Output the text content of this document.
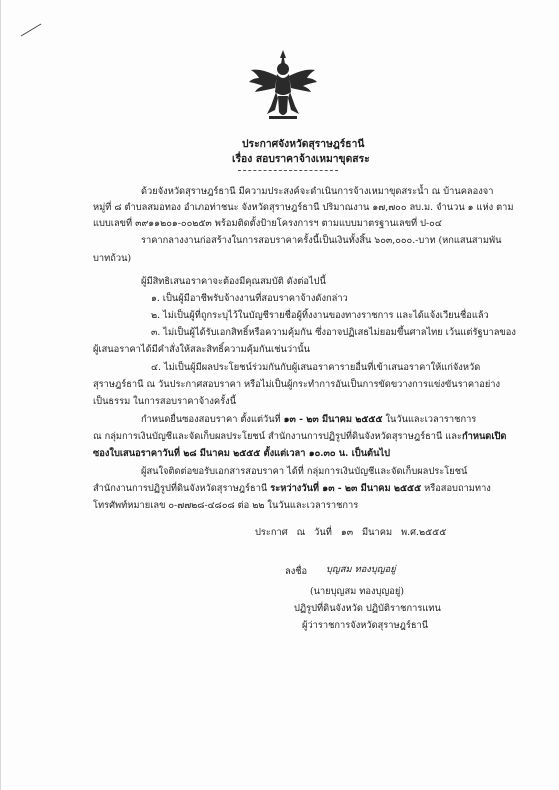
ประกาศจังหวัดสุราษฎร์ธานี
เรื่อง สอบราคาจ้างเหมาขุดสระ
ด้วยจังหวัดสุราษฎร์ธานี มีความประสงค์จะดำเนินการจ้างเหมาขุดสระน้ำ ณ บ้านคลองจา
หมู่ที่ ๘ ตำบลสมอทอง อำเภอท่าชนะ จังหวัดสุราษฎร์ธานี ปริมาณงาน ๑๗,๗๐๐ ลบ.ม. จำนวน ๑ แห่ง ตาม
แบบเลขที่ ๓๙๑๑๒๐๑-๐๐๒๕๓ พร้อมติดตั้งป้ายโครงการฯ ตามแบบมาตรฐานเลขที่ ป-๐๔
ราคากลางงานก่อสร้างในการสอบราคาครั้งนี้เป็นเงินทั้งสิ้น ๖๐๓,๐๐๐.-บาท (หกแสนสามพัน
บาทถ้วน)
ผู้มีสิทธิเสนอราคาจะต้องมีคุณสมบัติ ดังต่อไปนี้
๑. เป็นผู้มีอาชีพรับจ้างงานที่สอบราคาจ้างดังกล่าว
๒. ไม่เป็นผู้ที่ถูกระบุไว้ในบัญชีรายชื่อผู้ทิ้งงานของทางราชการ และได้แจ้งเวียนชื่อแล้ว
๓. ไม่เป็นผู้ได้รับเอกสิทธิ์หรือความคุ้มกัน ซึ่งอาจปฏิเสธไม่ยอมขึ้นศาลไทย เว้นแต่รัฐบาลของ
ผู้เสนอราคาได้มีคำสั่งให้สละสิทธิ์ความคุ้มกันเช่นว่านั้น
๔. ไม่เป็นผู้มีผลประโยชน์ร่วมกันกับผู้เสนอราคารายอื่นที่เข้าเสนอราคาให้แก่จังหวัด
สุราษฎร์ธานี ณ วันประกาศสอบราคา หรือไม่เป็นผู้กระทำการอันเป็นการขัดขวางการแข่งขันราคาอย่าง
เป็นธรรม ในการสอบราคาจ้างครั้งนี้
กำหนดยื่นซองสอบราคา ตั้งแต่วันที่ ๑๓ - ๒๓ มีนาคม ๒๕๕๕ ในวันและเวลาราชการ
ณ กลุ่มการเงินบัญชีและจัดเก็บผลประโยชน์ สำนักงานการปฏิรูปที่ดินจังหวัดสุราษฎร์ธานี และกำหนดเปิด
ซองใบเสนอราคาวันที่ ๒๘ มีนาคม ๒๕๕๕ ตั้งแต่เวลา ๑๐.๓๐ น. เป็นต้นไป
ผู้สนใจติดต่อขอรับเอกสารสอบราคา ได้ที่ กลุ่มการเงินบัญชีและจัดเก็บผลประโยชน์
สำนักงานการปฏิรูปที่ดินจังหวัดสุราษฎร์ธานี ระหว่างวันที่ ๑๓ - ๒๓ มีนาคม ๒๕๕๕ หรือสอบถามทาง
โทรศัพท์หมายเลข ๐-๗๗๒๘-๔๘๐๘ ต่อ ๒๒ ในวันและเวลาราชการ
ประกาศ ณ วันที่ ๑๓ มีนาคม พ.ศ.๒๕๕๕
ลงชื่อ บุญสม ทองบุญอยู่
(นายบุญสม ทองบุญอยู่)
ปฏิรูปที่ดินจังหวัด ปฏิบัติราชการแทน
ผู้ว่าราชการจังหวัดสุราษฎร์ธานี
